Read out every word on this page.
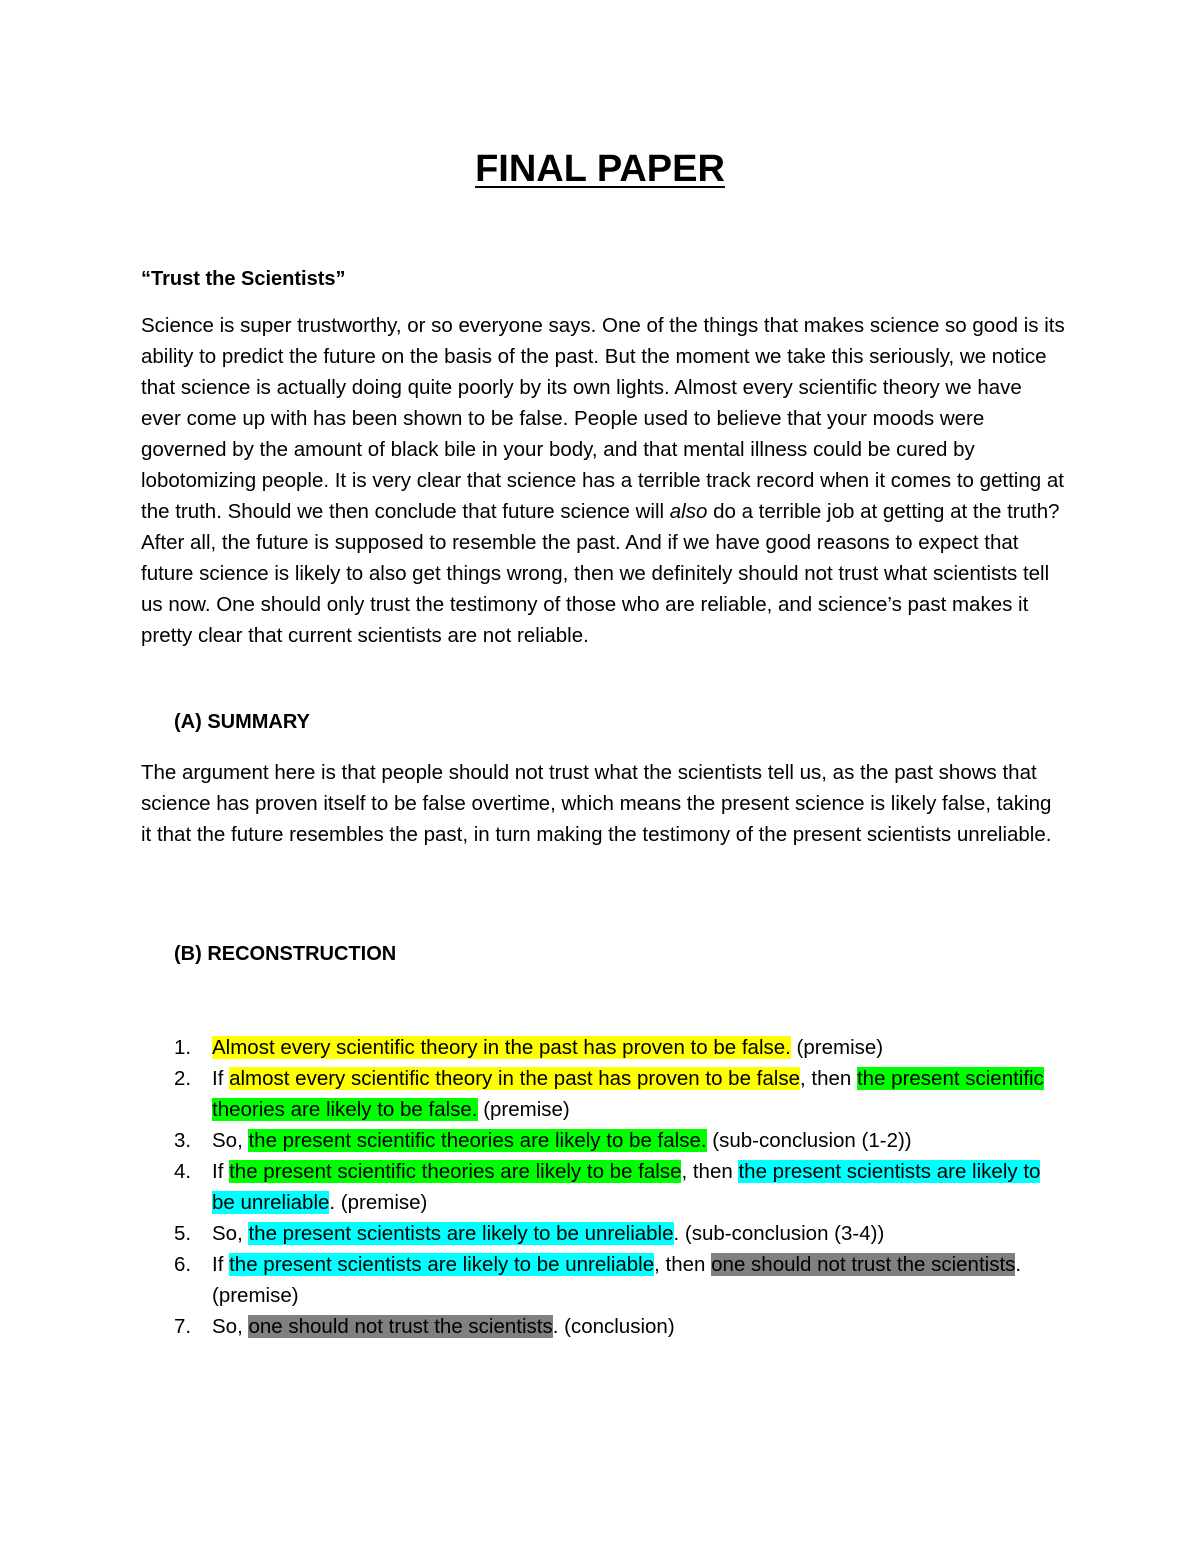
FINAL PAPER
“Trust the Scientists”
Science is super trustworthy, or so everyone says. One of the things that makes science so good is its ability to predict the future on the basis of the past. But the moment we take this seriously, we notice that science is actually doing quite poorly by its own lights. Almost every scientific theory we have ever come up with has been shown to be false. People used to believe that your moods were governed by the amount of black bile in your body, and that mental illness could be cured by lobotomizing people. It is very clear that science has a terrible track record when it comes to getting at the truth. Should we then conclude that future science will also do a terrible job at getting at the truth? After all, the future is supposed to resemble the past. And if we have good reasons to expect that future science is likely to also get things wrong, then we definitely should not trust what scientists tell us now. One should only trust the testimony of those who are reliable, and science’s past makes it pretty clear that current scientists are not reliable.
(A) SUMMARY
The argument here is that people should not trust what the scientists tell us, as the past shows that science has proven itself to be false overtime, which means the present science is likely false, taking it that the future resembles the past, in turn making the testimony of the present scientists unreliable.
(B) RECONSTRUCTION
1. Almost every scientific theory in the past has proven to be false. (premise)
2. If almost every scientific theory in the past has proven to be false, then the present scientific theories are likely to be false. (premise)
3. So, the present scientific theories are likely to be false. (sub-conclusion (1-2))
4. If the present scientific theories are likely to be false, then the present scientists are likely to be unreliable. (premise)
5. So, the present scientists are likely to be unreliable. (sub-conclusion (3-4))
6. If the present scientists are likely to be unreliable, then one should not trust the scientists. (premise)
7. So, one should not trust the scientists. (conclusion)
